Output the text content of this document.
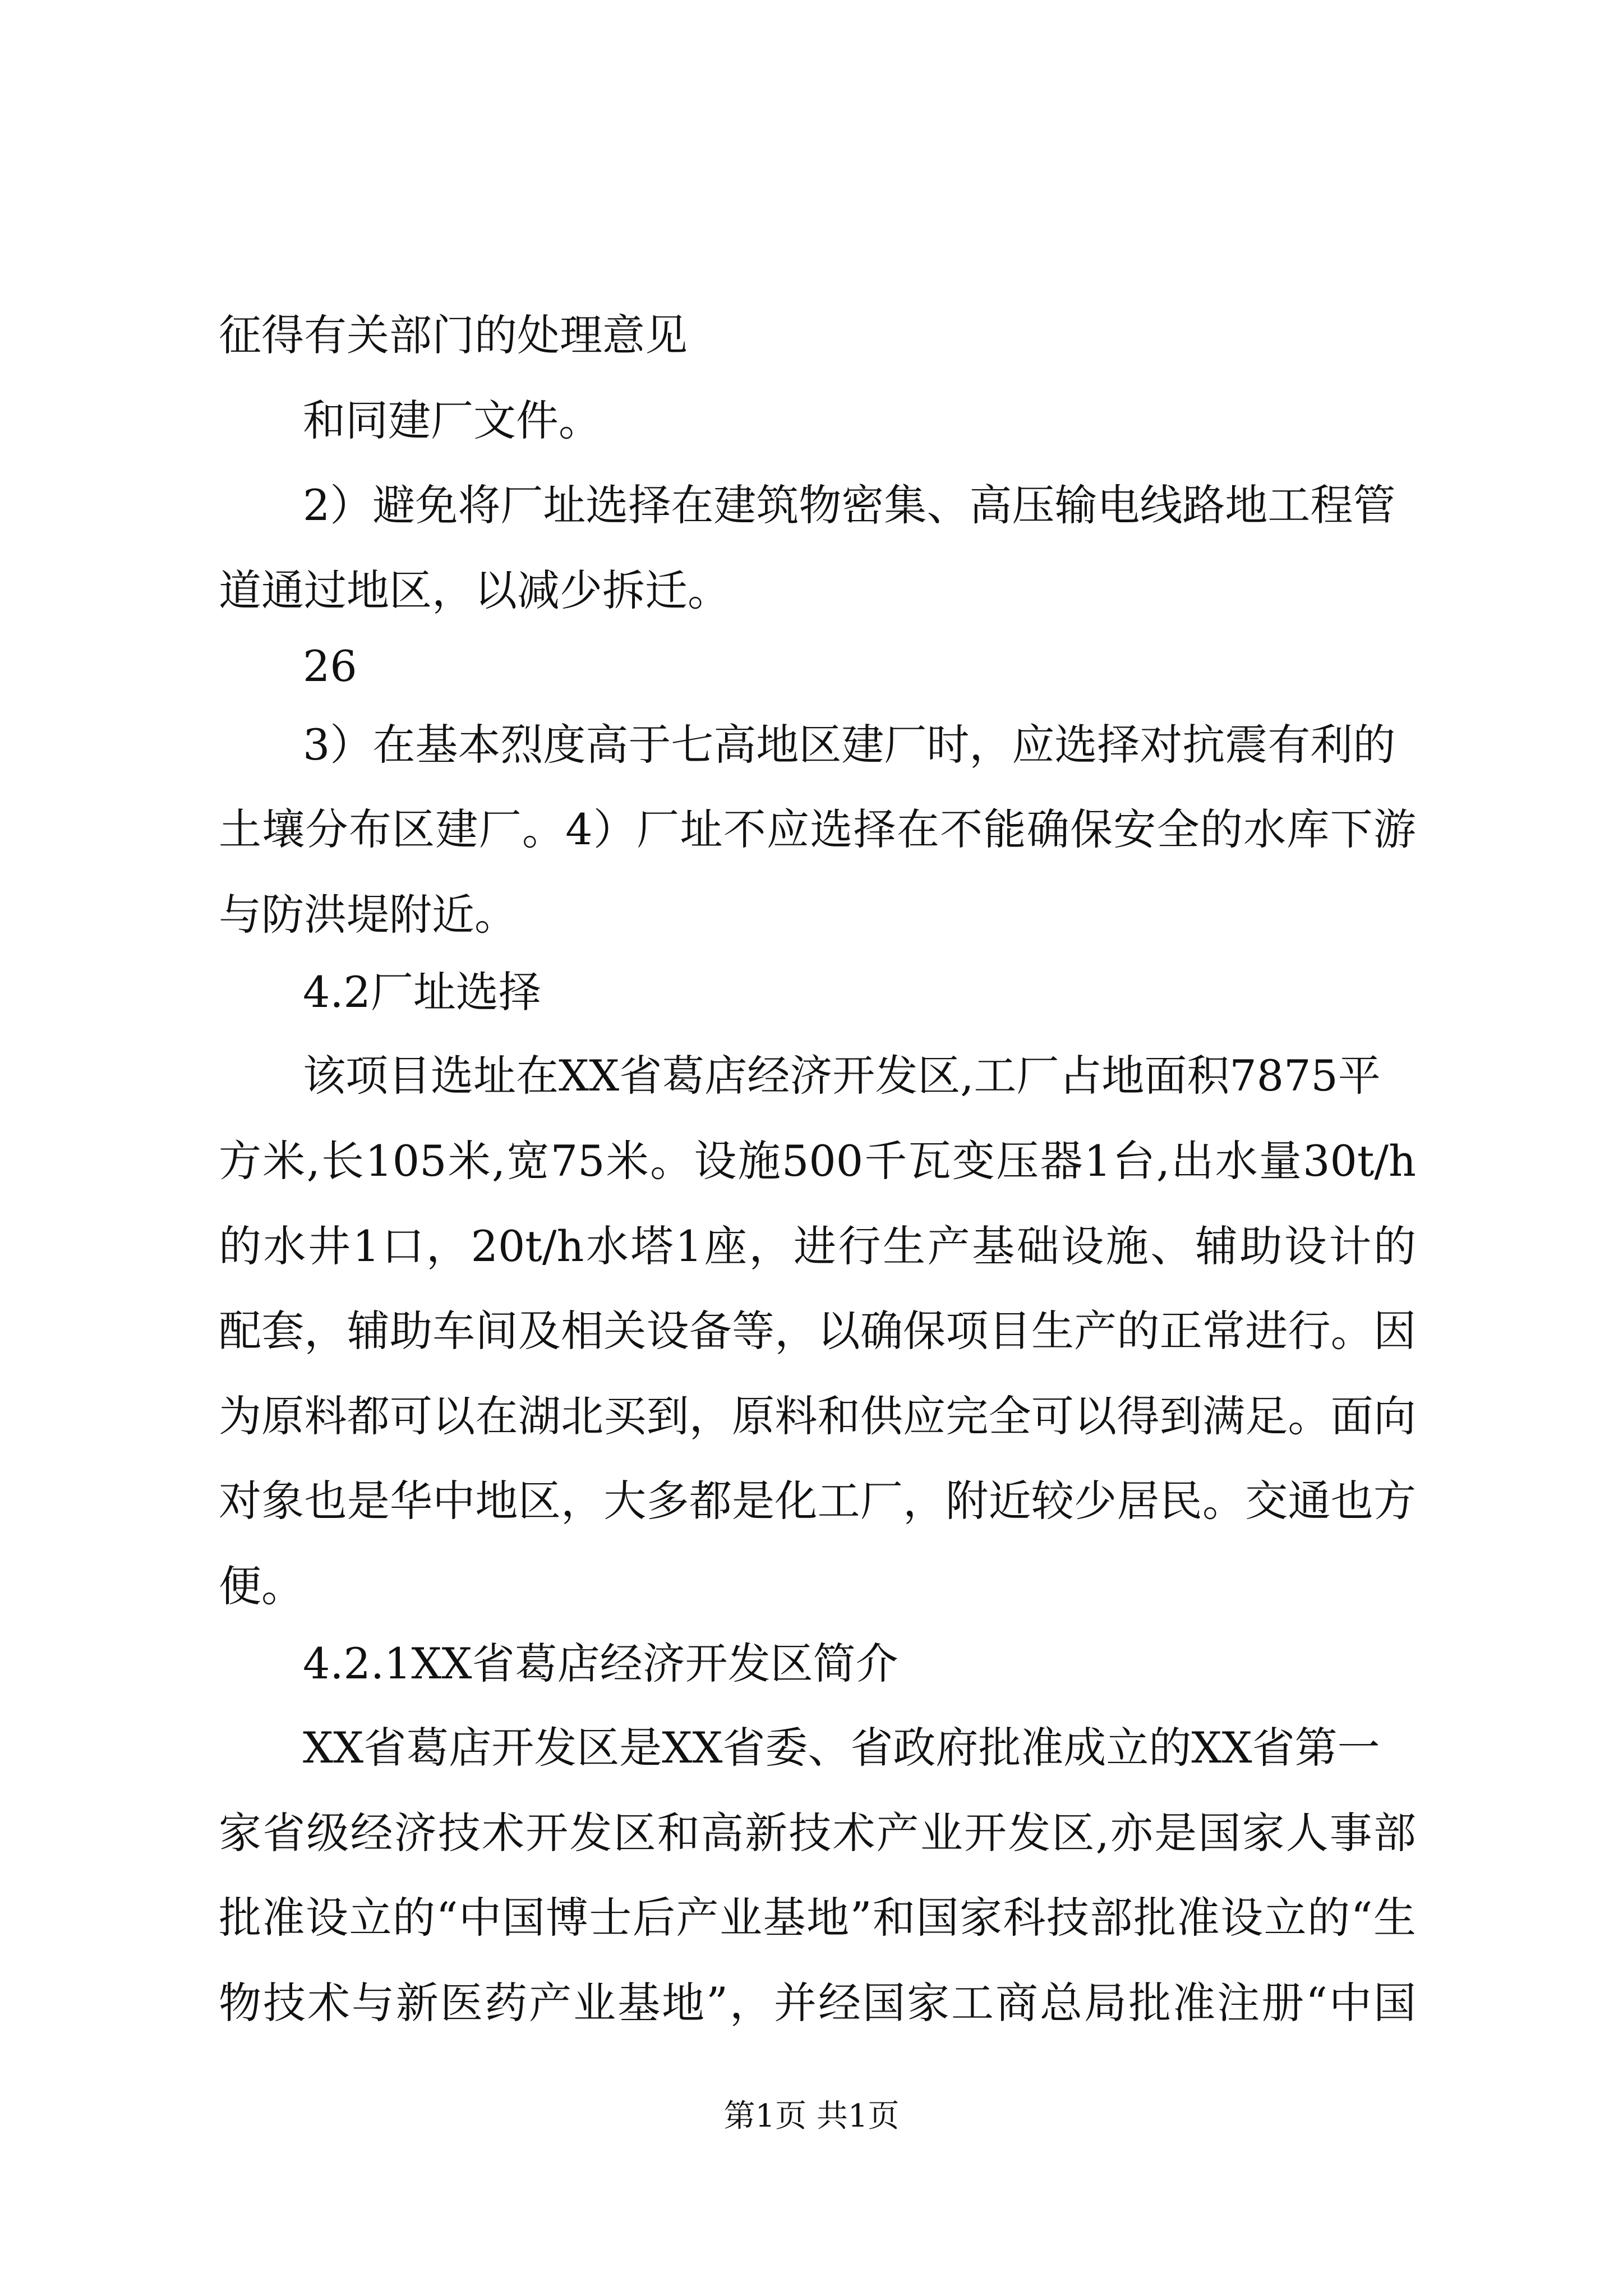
征得有关部门的处理意见
和同建厂文件。
2）避免将厂址选择在建筑物密集、高压输电线路地工程管
道通过地区，以减少拆迁。
26
3）在基本烈度高于七高地区建厂时，应选择对抗震有利的
土壤分布区建厂。4）厂址不应选择在不能确保安全的水库下游
与防洪堤附近。
4.2厂址选择
该项目选址在XX省葛店经济开发区,工厂占地面积7875平
方米,长105米,宽75米。设施500千瓦变压器1台,出水量30t/h
的水井1口，20t/h水塔1座，进行生产基础设施、辅助设计的
配套，辅助车间及相关设备等，以确保项目生产的正常进行。因
为原料都可以在湖北买到，原料和供应完全可以得到满足。面向
对象也是华中地区，大多都是化工厂，附近较少居民。交通也方
便。
4.2.1XX省葛店经济开发区简介
XX省葛店开发区是XX省委、省政府批准成立的XX省第一
家省级经济技术开发区和高新技术产业开发区,亦是国家人事部
批准设立的“中国博士后产业基地”和国家科技部批准设立的“生
物技术与新医药产业基地”，并经国家工商总局批准注册“中国
第1页 共1页
